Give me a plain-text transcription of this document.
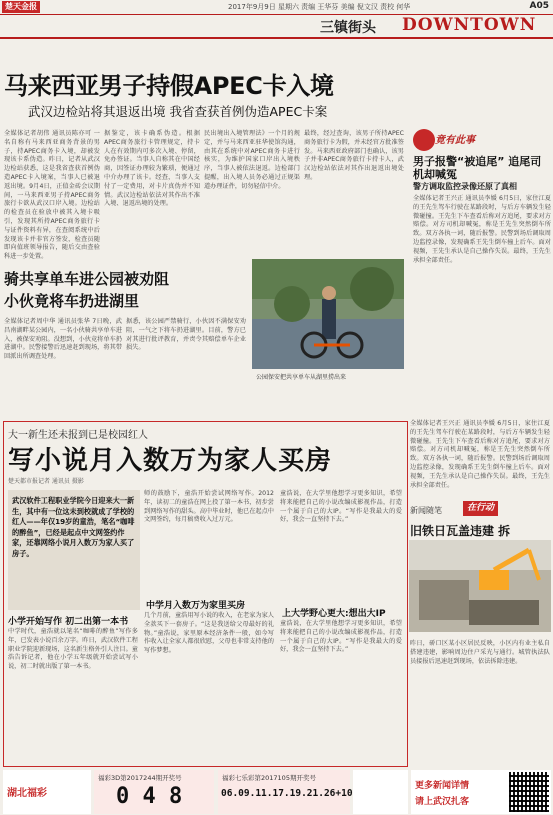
楚天金报	2017年9月9日 星期六 责编 王华芬 美编 倪文汉 责校 何华	A05
三镇街头 DOWNTOWN
马来西亚男子持假APEC卡入境
武汉边检站将其退返出境 我省查获首例伪造APEC卡案
全媒体记者胡伟 通讯员陈亦可 一名自称有马来西亚商务背景的男子，持APEC商务卡入境，却被发现该卡系伪造。昨日，记者从武汉边检站获悉，这是我省查获首例伪造APEC卡入境案，当事人已被退返出境。9月4日，正值金砖会议期间，一马来西亚男子持APEC商务旅行卡欲从武汉口岸入境。边检站的检查员在验放中被其入境卡吸引，发现其所持APEC商务旅行卡与证件资料有异，在查阅系统中后发现该卡并非官方签发，检查员随即向值班领导报告，随后交由查验科进一步处置。
据鉴定，该卡确系伪造。根据APEC商务旅行卡管理规定，持卡人在有效期内可多次入境、停留，免办签证。当事人自称其在中国经商，因签证办理较为繁琐，便通过中介办理了该卡。经查，当事人支付了一定费用，对卡片真伪并不知情。武汉边检站依法对其作出不准入境、退返出境的处理。
民出境出入境管理法》一个月的规定，并与马来西亚驻华使馆沟通，由其在系统中对APEC商务卡进行核实，为维护国家口岸出入境秩序，当事人被依法退返。边检部门提醒，出入境人员务必通过正规渠道办理证件，切勿轻信中介。
最终，经过查询，该男子所持APEC商务旅行卡为假，并未经官方批准签发。马来西亚政府部门也确认，该男子并非APEC商务旅行卡持卡人，武汉边检站依法对其作出退返出境处理。
竟有此事
男子报警“被追尾” 追尾司机却喊冤
警方调取监控录像还原了真相
全媒体记者王兴正 通讯员李媛 6月5日，家住江夏的王先生驾车行驶在某路段时，与后方车辆发生轻微碰撞。王先生下车查看后称对方追尾，要求对方赔偿。对方司机却喊冤，称是王先生突然倒车所致。双方各执一词，随后报警。民警到场后调取周边监控录像，发现确系王先生倒车撞上后车。面对视频，王先生承认是自己操作失误。最终，王先生承担全部责任。
骑共享单车进公园被劝阻
小伙竟将车扔进湖里
全媒体记者周中华 通讯员张华 7日晚，武昌南湖畔某公园内，一名小伙骑共享单车进入，被保安劝阻。没想到，小伙竟将单车扔进湖中。民警接警后迅速赶到现场，将其带回派出所调查处理。
据悉，该公园严禁骑行，小伙因不满保安劝阻，一气之下将车扔进湖里。目前，警方已对其进行批评教育，并责令其赔偿单车企业损失。
公园保安把共享单车从湖里捞出来
全媒体记者王兴正 通讯员李媛 6月5日，家住江夏的王先生驾车行驶在某路段时，与后方车辆发生轻微碰撞。王先生下车查看后称对方追尾，要求对方赔偿。对方司机却喊冤，称是王先生突然倒车所致。双方各执一词，随后报警。民警到场后调取周边监控录像，发现确系王先生倒车撞上后车。面对视频，王先生承认是自己操作失误。最终，王先生承担全部责任。
新闻随笔	在行动
旧铁日瓦盖违建 拆
昨日，硚口区某小区居民反映，小区内有业主私自搭建违建，影响周边住户采光与通行。城管执法队员接报后迅速赶到现场，依法拆除违建。
大一新生还未报到已是校园红人
写小说月入数万为家人买房
楚天都市报记者 通讯员 摄影
武汉软件工程职业学院今日迎来大一新生，其中有一位这未到校就成了学校的红人——年仅19岁的童浩，笔名“咖啡的醉鱼”，已经是起点中文网签约作家，还靠网络小说月入数万为家人买了房子。
小学开始写作 初二出第一本书
中学时代，童浩就以笔名“咖啡的醉鱼”写作多年，已发表小说百余万字。昨日，武汉软件工程职业学院迎新现场，这名新生格外引人注目。童浩告诉记者，他在小学五年级就开始尝试写小说，初二时就出版了第一本书。
师的鼓励下，童浩开始尝试网络写作。2012年，读初二的童浩在网上投了第一本书，初步尝到网络写作的甜头。高中毕业时，他已在起点中文网签约，每月稿费收入过万元。
中学月入数万为家里买房
几个月前，童浩用写小说的收入，在老家为家人全款买下一套房子。“这是我送给父母最好的礼物。”童浩说，家里原本经济条件一般，如今写作收入让全家人都很欣慰，父母也非常支持他的写作梦想。
童浩说，在大学里他想学习更多知识，希望将来能把自己的小说改编成影视作品，打造一个属于自己的大IP。“写作是我最大的爱好，我会一直坚持下去。”
上大学野心更大:想出大IP
童浩说，在大学里他想学习更多知识，希望将来能把自己的小说改编成影视作品，打造一个属于自己的大IP。“写作是我最大的爱好，我会一直坚持下去。”
湖北福彩
福彩3D第2017244期开奖号
0 4 8
福彩七乐彩第2017105期开奖号
06.09.11.17.19.21.26+10
更多新闻详情
请上武汉扎客
